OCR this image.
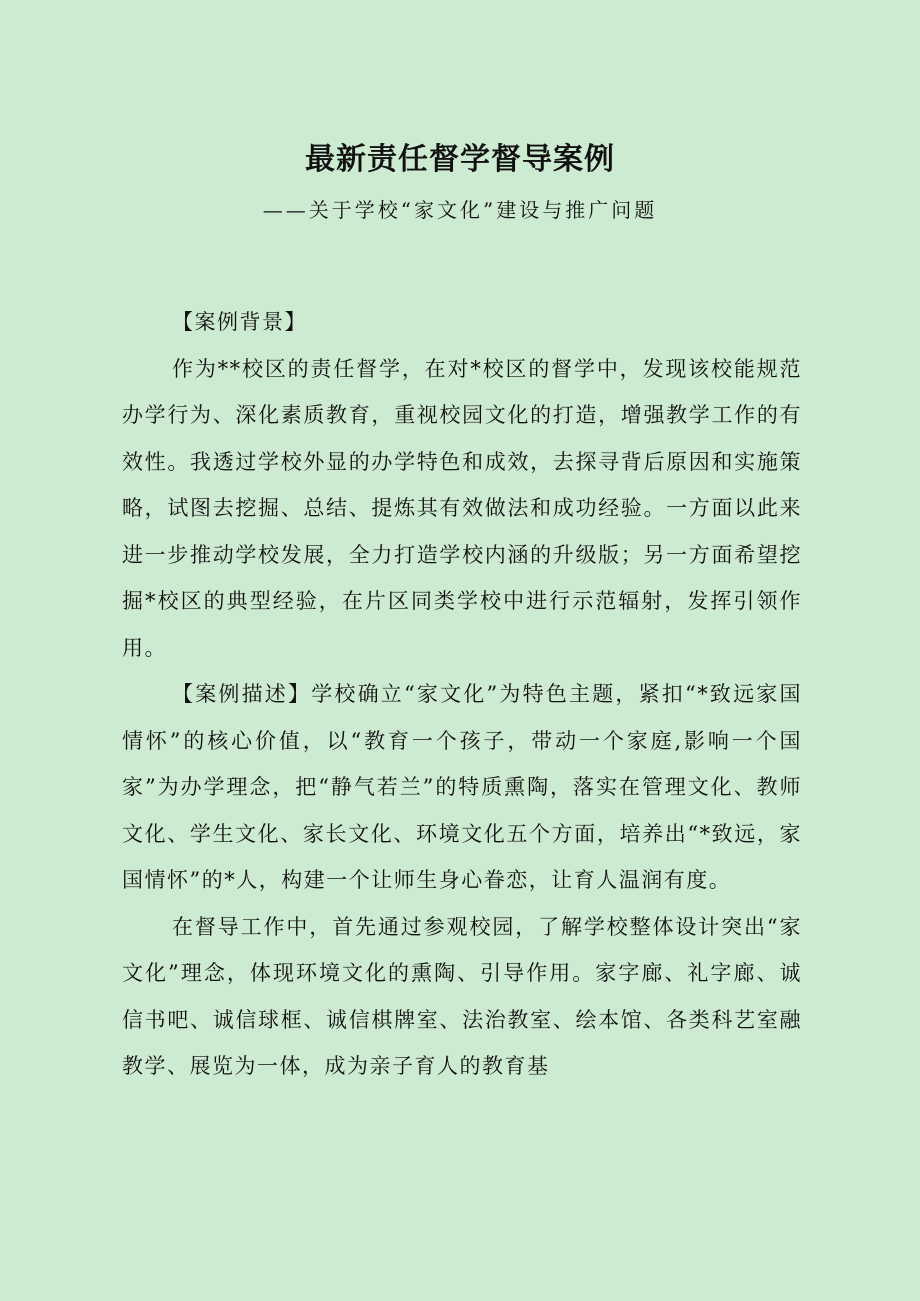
最新责任督学督导案例
——关于学校“家文化”建设与推广问题

【案例背景】

作为**校区的责任督学，在对*校区的督学中，发现该校能规范办学行为、深化素质教育，重视校园文化的打造，增强教学工作的有效性。我透过学校外显的办学特色和成效，去探寻背后原因和实施策略，试图去挖掘、总结、提炼其有效做法和成功经验。一方面以此来进一步推动学校发展，全力打造学校内涵的升级版；另一方面希望挖掘*校区的典型经验，在片区同类学校中进行示范辐射，发挥引领作用。

【案例描述】学校确立“家文化”为特色主题，紧扣“*致远家国情怀”的核心价值，以“教育一个孩子，带动一个家庭,影响一个国家”为办学理念，把“静气若兰”的特质熏陶，落实在管理文化、教师文化、学生文化、家长文化、环境文化五个方面，培养出“*致远，家国情怀”的*人，构建一个让师生身心眷恋，让育人温润有度。

在督导工作中，首先通过参观校园，了解学校整体设计突出“家文化”理念，体现环境文化的熏陶、引导作用。家字廊、礼字廊、诚信书吧、诚信球框、诚信棋牌室、法治教室、绘本馆、各类科艺室融教学、展览为一体，成为亲子育人的教育基
